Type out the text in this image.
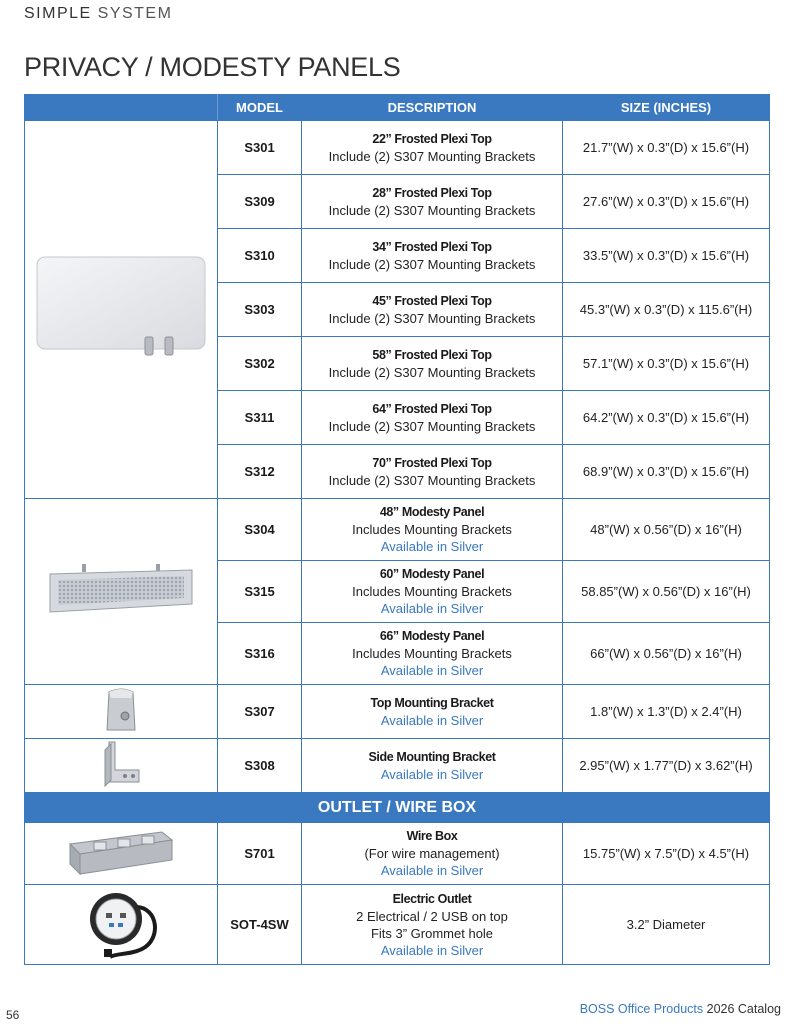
SIMPLE SYSTEM
PRIVACY / MODESTY PANELS
	MODEL	DESCRIPTION	SIZE (INCHES)
	S301	22” Frosted Plexi Top
Include (2) S307 Mounting Brackets	21.7”(W) x 0.3”(D) x 15.6”(H)
	S309	28” Frosted Plexi Top
Include (2) S307 Mounting Brackets	27.6”(W) x 0.3”(D) x 15.6”(H)
	S310	34” Frosted Plexi Top
Include (2) S307 Mounting Brackets	33.5”(W) x 0.3”(D) x 15.6”(H)
	S303	45” Frosted Plexi Top
Include (2) S307 Mounting Brackets	45.3”(W) x 0.3”(D) x 115.6”(H)
	S302	58” Frosted Plexi Top
Include (2) S307 Mounting Brackets	57.1”(W) x 0.3”(D) x 15.6”(H)
	S311	64” Frosted Plexi Top
Include (2) S307 Mounting Brackets	64.2”(W) x 0.3”(D) x 15.6”(H)
	S312	70” Frosted Plexi Top
Include (2) S307 Mounting Brackets	68.9”(W) x 0.3”(D) x 15.6”(H)
	S304	48” Modesty Panel
Includes Mounting Brackets
Available in Silver	48”(W) x 0.56”(D) x 16”(H)
	S315	60” Modesty Panel
Includes Mounting Brackets
Available in Silver	58.85”(W) x 0.56”(D) x 16”(H)
	S316	66” Modesty Panel
Includes Mounting Brackets
Available in Silver	66”(W) x 0.56”(D) x 16”(H)
	S307	Top Mounting Bracket
Available in Silver	1.8”(W) x 1.3”(D) x 2.4”(H)
	S308	Side Mounting Bracket
Available in Silver	2.95”(W) x 1.77”(D) x 3.62”(H)
OUTLET / WIRE BOX			
	S701	Wire Box
(For wire management)
Available in Silver	15.75”(W) x 7.5”(D) x 4.5”(H)
	SOT-4SW	Electric Outlet
2 Electrical / 2 USB on top
Fits 3” Grommet hole
Available in Silver	3.2” Diameter
56	BOSS Office Products 2026 Catalog
